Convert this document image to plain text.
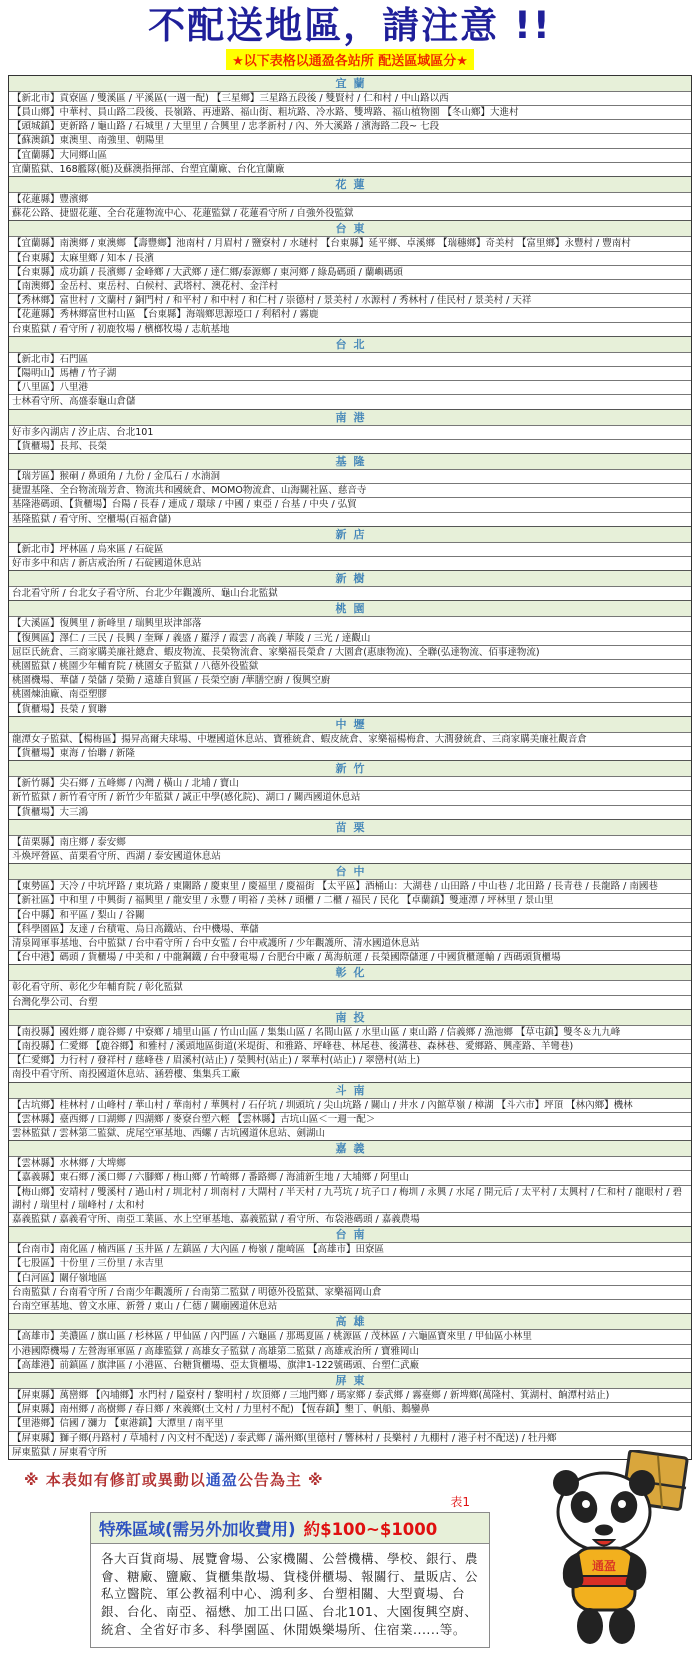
不配送地區，請注意 !!
★以下表格以通盈各站所 配送區域區分★
宜蘭
【新北市】貢寮區 / 雙溪區 / 平溪區(一週一配) 【三星鄉】三星路五段後 / 雙賢村 / 仁和村 / 中山路以西
【員山鄉】中華村、員山路二段後、長嶺路、再連路、福山街、粗坑路、冷水路、雙埤路、福山植物園 【冬山鄉】大進村
【頭城鎮】更新路 / 龜山路 / 石城里 / 大里里 / 合興里 / 忠孝新村 / 內、外大溪路 / 濱海路二段~ 七段
【蘇澳鎮】東澳里、南強里、朝陽里
【宜蘭縣】大同鄉山區
宜蘭監獄、168艦隊(艇)及蘇澳指揮部、台塑宜蘭廠、台化宜蘭廠
花蓮
【花蓮縣】豐濱鄉
蘇花公路、捷盟花蓮、全台花蓮物流中心、花蓮監獄 / 花蓮看守所 / 自強外役監獄
台東
【宜蘭縣】南澳鄉 / 東澳鄉 【壽豐鄉】池南村 / 月眉村 / 鹽寮村 / 水璉村 【台東縣】延平鄉、卓溪鄉 【瑞穗鄉】奇美村 【富里鄉】永豐村 / 豐南村
【台東縣】太麻里鄉 / 知本 / 長濱
【台東縣】成功鎮 / 長濱鄉 / 金峰鄉 / 大武鄉 / 達仁鄉/泰源鄉 / 東河鄉 / 綠島碼頭 / 蘭嶼碼頭
【南澳鄉】金岳村、東岳村、白候村、武塔村、澳花村、金洋村
【秀林鄉】富世村 / 文蘭村 / 銅門村 / 和平村 / 和中村 / 和仁村 / 崇德村 / 景美村 / 水源村 / 秀林村 / 佳民村 / 景美村 / 天祥
【花蓮縣】秀林鄉富世村山區 【台東縣】海端鄉思源埡口 / 利稻村 / 霧鹿
台東監獄 / 看守所 / 初鹿牧場 / 檳榔牧場 / 志航基地
台北
【新北市】石門區
【陽明山】馬槽 / 竹子湖
【八里區】八里港
士林看守所、高盛泰龜山倉儲
南港
好市多內湖店 / 汐止店、台北101
【貨櫃場】長邦、長榮
基隆
【瑞芳區】猴硐 / 鼻頭角 / 九份 / 金瓜石 / 水湳洞
捷盟基隆、全台物流瑞芳倉、物流共和國統倉、MOMO物流倉、山海關社區、慈音寺
基隆港碼頭、【貨櫃場】台陽 / 長春 / 連成 / 環球 / 中國 / 東亞 / 台基 / 中央 / 弘貿
基隆監獄 / 看守所、空櫃場(百福倉儲)
新店
【新北市】坪林區 / 烏來區 / 石碇區
好市多中和店 / 新店戒治所 / 石碇國道休息站
新樹
台北看守所 / 台北女子看守所、台北少年觀護所、龜山台北監獄
桃園
【大溪區】復興里 / 新峰里 / 瑞興里崁津部落
【復興區】澤仁 / 三民 / 長興 / 奎輝 / 義盛 / 羅浮 / 霞雲 / 高義 / 華陵 / 三光 / 達觀山
屈臣氏統倉、三商家購美廉社總倉、蝦皮物流、長榮物流倉、家樂福長榮倉 / 大園倉(惠康物流)、全聯(弘達物流、佰事達物流)
桃園監獄 / 桃園少年輔育院 / 桃園女子監獄 / 八德外役監獄
桃園機場、華儲 / 榮儲 / 榮勤 / 遠雄自貿區 / 長榮空廚 /華膳空廚 / 復興空廚
桃園煉油廠、南亞塑膠
【貨櫃場】長榮 / 貿聯
中壢
龍潭女子監獄、【楊梅區】揚昇高爾夫球場、中壢國道休息站、寶雅統倉、蝦皮統倉、家樂福楊梅倉、大潤發統倉、三商家購美廉社觀音倉
【貨櫃場】東海 / 怡聯 / 新隆
新竹
【新竹縣】尖石鄉 / 五峰鄉 / 內灣 / 橫山 / 北埔 / 寶山
新竹監獄 / 新竹看守所 / 新竹少年監獄 / 誠正中學(感化院)、湖口 / 關西國道休息站
【貨櫃場】大三鴻
苗栗
【苗栗縣】南庄鄉 / 泰安鄉
斗煥坪營區、苗栗看守所、西湖 / 泰安國道休息站
台中
【東勢區】天冷 / 中坑坪路 / 東坑路 / 東關路 / 慶東里 / 慶福里 / 慶福街 【太平區】酒桶山：大湖巷 / 山田路 / 中山巷 / 北田路 / 長青巷 / 長龍路 / 南國巷
【新社區】中和里 / 中興街 / 福興里 / 龍安里 / 永豐 / 明裕 / 美林 / 頭櫃 / 二櫃 / 福民 / 民化 【卓蘭鎮】雙連潭 / 坪林里 / 景山里
【台中縣】和平區 / 梨山 / 谷關
【科學園區】友達 / 台積電、烏日高鐵站、台中機場、華儲
清泉岡軍事基地、台中監獄 / 台中看守所 / 台中女監 / 台中戒護所 / 少年觀護所、清水國道休息站
【台中港】碼頭 / 貨櫃場 / 中美和 / 中龍鋼鐵 / 台中發電場 / 台肥台中廠 / 萬海航運 / 長榮國際儲運 / 中國貨櫃運輸 / 西碼頭貨櫃場
彰化
彰化看守所、彰化少年輔育院 / 彰化監獄
台灣化學公司、台塑
南投
【南投縣】國姓鄉 / 鹿谷鄉 / 中寮鄉 / 埔里山區 / 竹山山區 / 集集山區 / 名間山區 / 水里山區 / 東山路 / 信義鄉 / 漁池鄉 【草屯鎮】雙冬＆九九峰
【南投縣】仁愛鄉 【鹿谷鄉】和雅村 / 溪頭地區街道(米堤街、和雅路、坪峰巷、林尾巷、後溝巷、森林巷、愛鄉路、興產路、羊彎巷)
【仁愛鄉】力行村 / 發祥村 / 慈峰巷 / 眉溪村(站止) / 榮興村(站止) / 翠華村(站止) / 翠巒村(站上)
南投中看守所、南投國道休息站、涵碧樓、集集兵工廠
斗南
【古坑鄉】桂林村 / 山峰村 / 華山村 / 華南村 / 華興村 / 石仔坑 / 圳頭坑 / 尖山坑路 / 關山 / 井水 / 內館草嶺 / 樟湖 【斗六市】坪頂 【林內鄉】機林
【雲林縣】臺西鄉 / 口湖鄉 / 四湖鄉 / 麥寮台塑六輕 【雲林縣】古坑山區＜一週一配＞
雲林監獄 / 雲林第二監獄、虎尾空軍基地、西螺 / 古坑國道休息站、劍湖山
嘉義
【雲林縣】水林鄉 / 大埤鄉
【嘉義縣】東石鄉 / 溪口鄉 / 六腳鄉 / 梅山鄉 / 竹崎鄉 / 番路鄉 / 海浦新生地 / 大埔鄉 / 阿里山
【梅山鄉】安靖村 / 雙溪村 / 過山村 / 圳北村 / 圳南村 / 大閘村 / 半天村 / 九芎坑 / 坑子口 / 梅圳 / 永興 / 水尾 / 開元后 / 太平村 / 太興村 / 仁和村 / 龍眼村 / 碧湖村 / 瑞里村 / 瑞峰村 / 太和村
嘉義監獄 / 嘉義看守所、南亞工業區、水上空軍基地、嘉義監獄 / 看守所、布袋港碼頭 / 嘉義農場
台南
【台南市】南化區 / 楠西區 / 玉井區 / 左鎮區 / 大內區 / 梅嶺 / 龍崎區 【高雄市】田寮區
【七股區】十份里 / 三份里 / 永吉里
【白河區】關仔嶺地區
台南監獄 / 台南看守所 / 台南少年觀護所 / 台南第二監獄 / 明德外役監獄、家樂福岡山倉
台南空軍基地、曾文水庫、新營 / 東山 / 仁德 / 關廟國道休息站
高雄
【高雄市】美濃區 / 旗山區 / 杉林區 / 甲仙區 / 內門區 / 六龜區 / 那瑪夏區 / 桃源區 / 茂林區 / 六龜區寶來里 / 甲仙區小林里
小港國際機場 / 左營海軍軍區 / 高雄監獄 / 高雄女子監獄 / 高雄第二監獄 / 高雄戒治所 / 寶雅岡山
【高雄港】前鎮區 / 旗津區 / 小港區、台糖貨櫃場、亞太貨櫃場、旗津1-122號碼頭、台塑仁武廠
屏東
【屏東縣】萬巒鄉 【內埔鄉】水門村 / 隘寮村 / 黎明村 / 坎頂鄉 / 三地門鄉 / 瑪家鄉 / 泰武鄉 / 霧臺鄉 / 新埤鄉(萬隆村、箕湖村、餉潭村站止)
【屏東縣】南州鄉 / 高樹鄉 / 春日鄉 / 來義鄉(土文村 / 力里村不配) 【恆春鎮】墾丁、帆船、鵝鑾鼻
【里港鄉】信國 / 瀰力 【東港鎮】大潭里 / 南平里
【屏東縣】獅子鄉(丹路村 / 草埔村 / 內文村不配送) / 泰武鄉 / 滿州鄉(里德村 / 響林村 / 長樂村 / 九棚村 / 港子村不配送) / 牡丹鄉
屏東監獄 / 屏東看守所
※ 本表如有修訂或異動以通盈公告為主 ※
表1
特殊區域(需另外加收費用) 約$100~$1000
各大百貨商場、展覽會場、公家機關、公營機構、學校、銀行、農會、糖廠、鹽廠、貨櫃集散場、貨棧併櫃場、報關行、量販店、公私立醫院、軍公教福利中心、鴻利多、台塑相關、大型賣場、台銀、台化、南亞、福懋、加工出口區、台北101、大園復興空廚、統倉、全省好市多、科學園區、休閒娛樂場所、住宿業......等。
通盈
